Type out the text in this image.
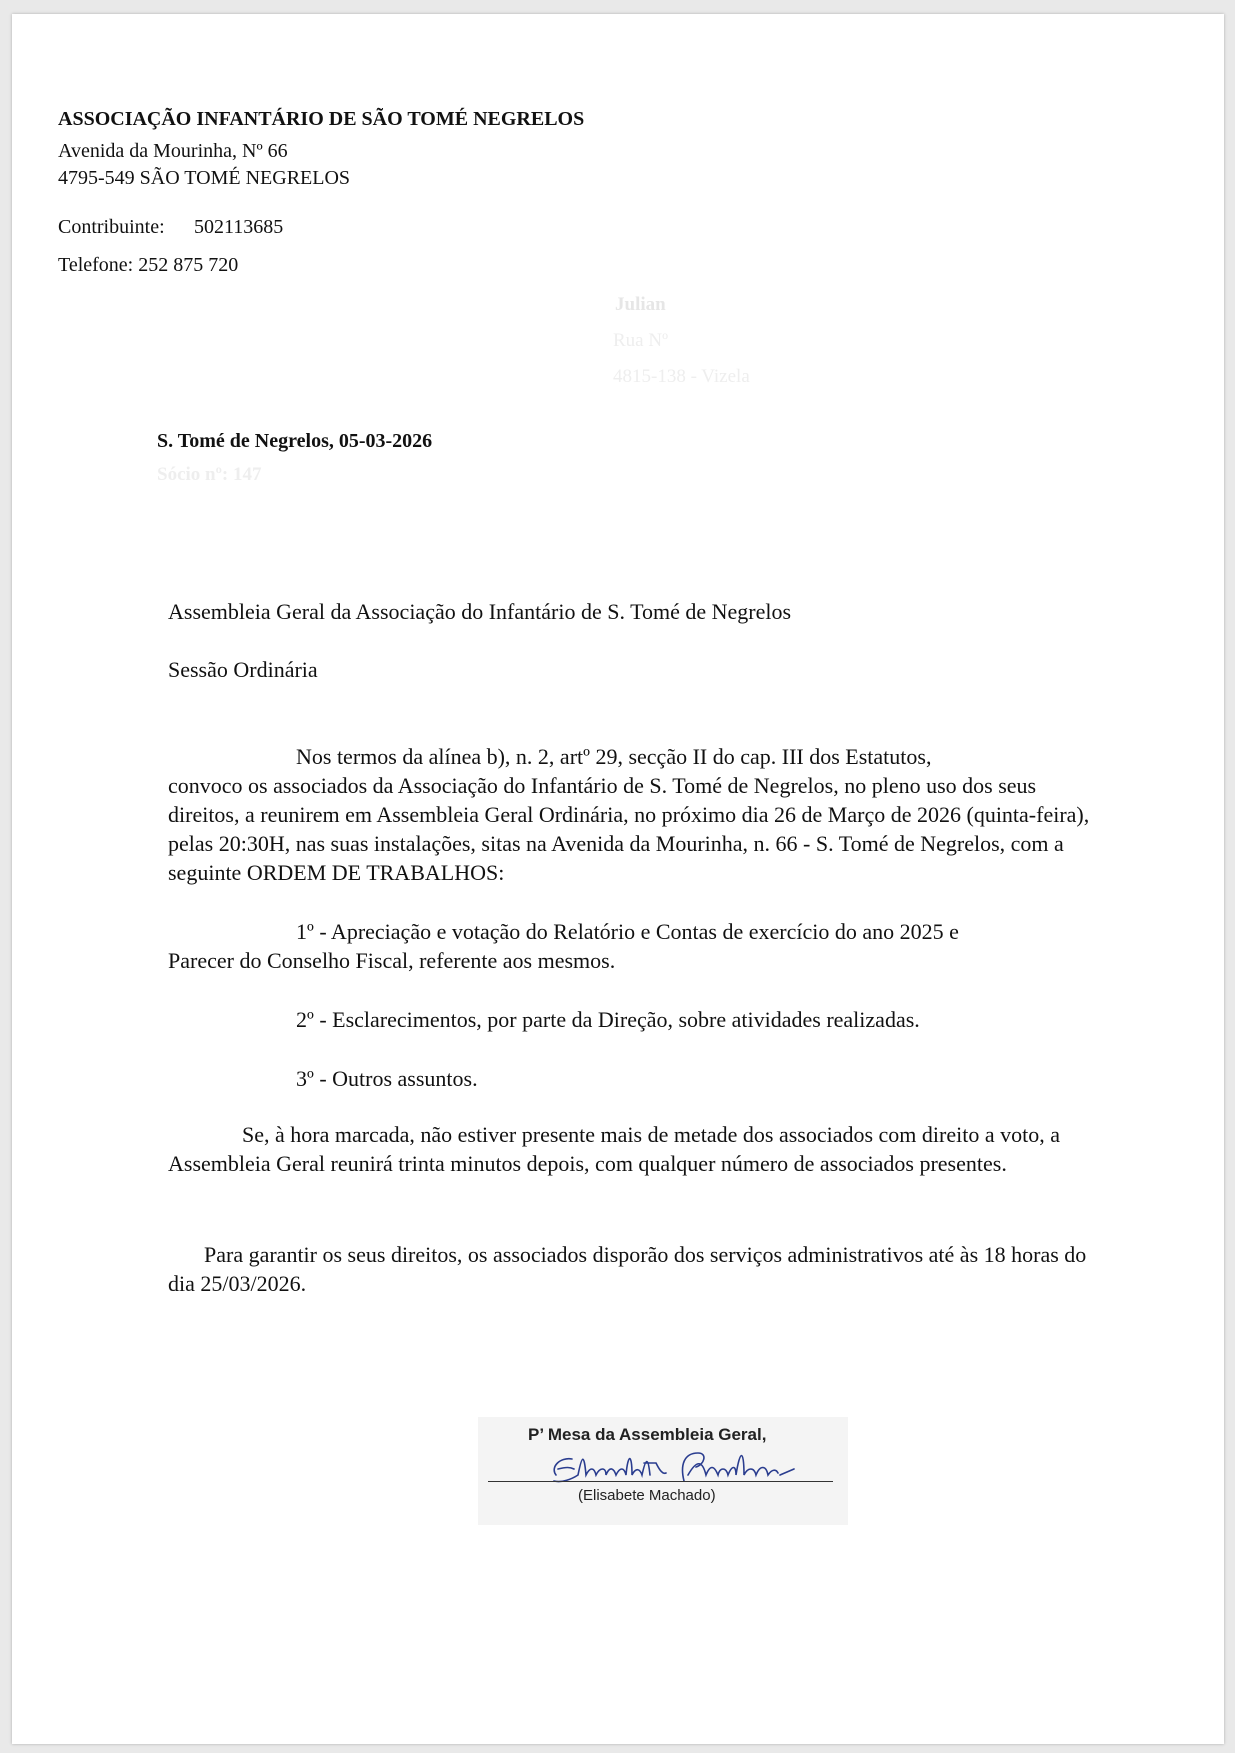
ASSOCIAÇÃO INFANTÁRIO DE SÃO TOMÉ NEGRELOS
Avenida da Mourinha, Nº 66
4795-549 SÃO TOMÉ NEGRELOS
Contribuinte: 502113685
Telefone: 252 875 720
Julian
Rua Nº
4815-138 - Vizela
S. Tomé de Negrelos, 05-03-2026
Sócio nº: 147
Assembleia Geral da Associação do Infantário de S. Tomé de Negrelos
Sessão Ordinária
Nos termos da alínea b), n. 2, artº 29, secção II do cap. III dos Estatutos,
convoco os associados da Associação do Infantário de S. Tomé de Negrelos, no pleno uso dos seus direitos, a reunirem em Assembleia Geral Ordinária, no próximo dia 26 de Março de 2026 (quinta-feira), pelas 20:30H, nas suas instalações, sitas na Avenida da Mourinha, n. 66 - S. Tomé de Negrelos, com a seguinte ORDEM DE TRABALHOS:
1º - Apreciação e votação do Relatório e Contas de exercício do ano 2025 e
Parecer do Conselho Fiscal, referente aos mesmos.
2º - Esclarecimentos, por parte da Direção, sobre atividades realizadas.
3º - Outros assuntos.
Se, à hora marcada, não estiver presente mais de metade dos associados com direito a voto, a Assembleia Geral reunirá trinta minutos depois, com qualquer número de associados presentes.
Para garantir os seus direitos, os associados disporão dos serviços administrativos até às 18 horas do dia 25/03/2026.
P’ Mesa da Assembleia Geral,
(Elisabete Machado)
